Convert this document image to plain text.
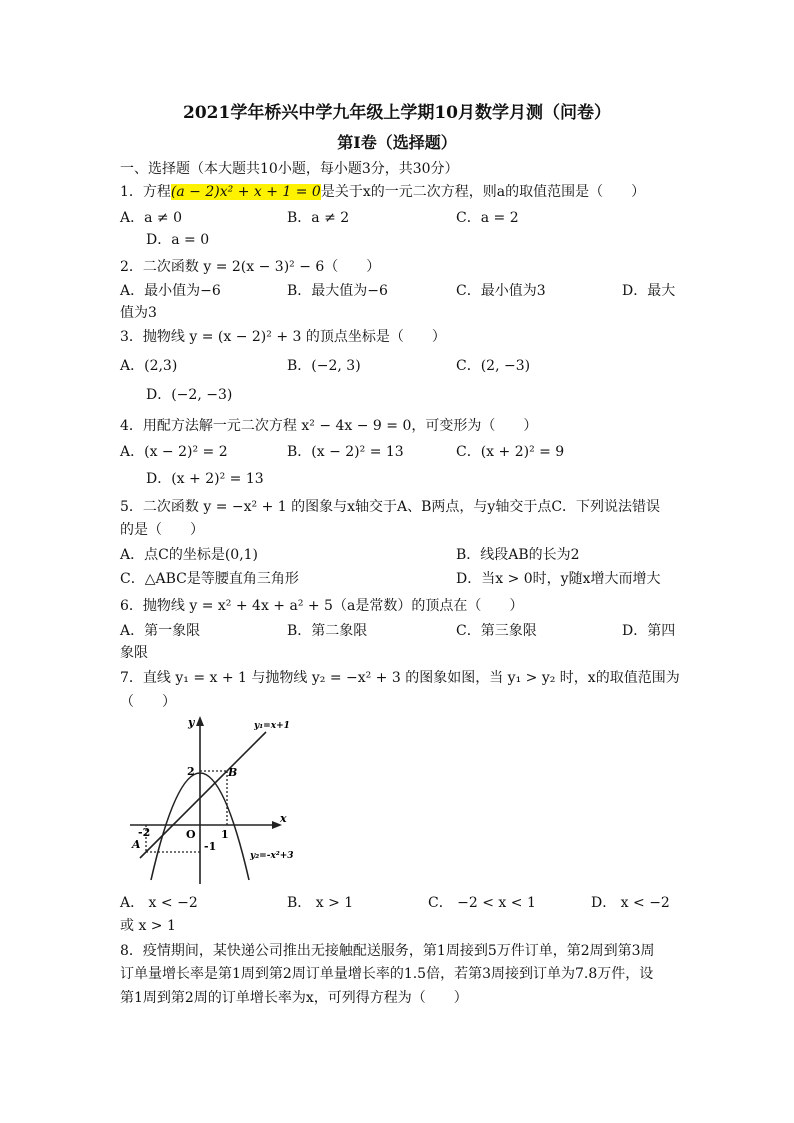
2021学年桥兴中学九年级上学期10月数学月测（问卷）
第Ⅰ卷（选择题）
一、选择题（本大题共10小题，每小题3分，共30分）
1．方程(a − 2)x² + x + 1 = 0是关于x的一元二次方程，则a的取值范围是（　　）
A．a ≠ 0	B．a ≠ 2	C．a = 2
D．a = 0
2．二次函数 y = 2(x − 3)² − 6（　　）
A．最小值为−6	B．最大值为−6	C．最小值为3	D．最大
值为3
3．抛物线 y = (x − 2)² + 3 的顶点坐标是（　　）
A．(2,3)	B．(−2, 3)	C．(2, −3)
D．(−2, −3)
4．用配方法解一元二次方程 x² − 4x − 9 = 0，可变形为（　　）
A．(x − 2)² = 2	B．(x − 2)² = 13	C．(x + 2)² = 9
D．(x + 2)² = 13
5．二次函数 y = −x² + 1 的图象与x轴交于A、B两点，与y轴交于点C．下列说法错误
的是（　　）
A．点C的坐标是(0,1)	B．线段AB的长为2
C．△ABC是等腰直角三角形	D．当x > 0时，y随x增大而增大
6．抛物线 y = x² + 4x + a² + 5（a是常数）的顶点在（　　）
A．第一象限	B．第二象限	C．第三象限	D．第四
象限
7．直线 y₁ = x + 1 与抛物线 y₂ = −x² + 3 的图象如图，当 y₁ > y₂ 时，x的取值范围为
（　　）
y
x
O
2
-2	1
-1
A
B
y₁=x+1
y₂=-x²+3
A． x < −2	B． x > 1	C． −2 < x < 1	D． x < −2
或 x > 1
8．疫情期间，某快递公司推出无接触配送服务，第1周接到5万件订单，第2周到第3周
订单量增长率是第1周到第2周订单量增长率的1.5倍，若第3周接到订单为7.8万件，设
第1周到第2周的订单增长率为x，可列得方程为（　　）
